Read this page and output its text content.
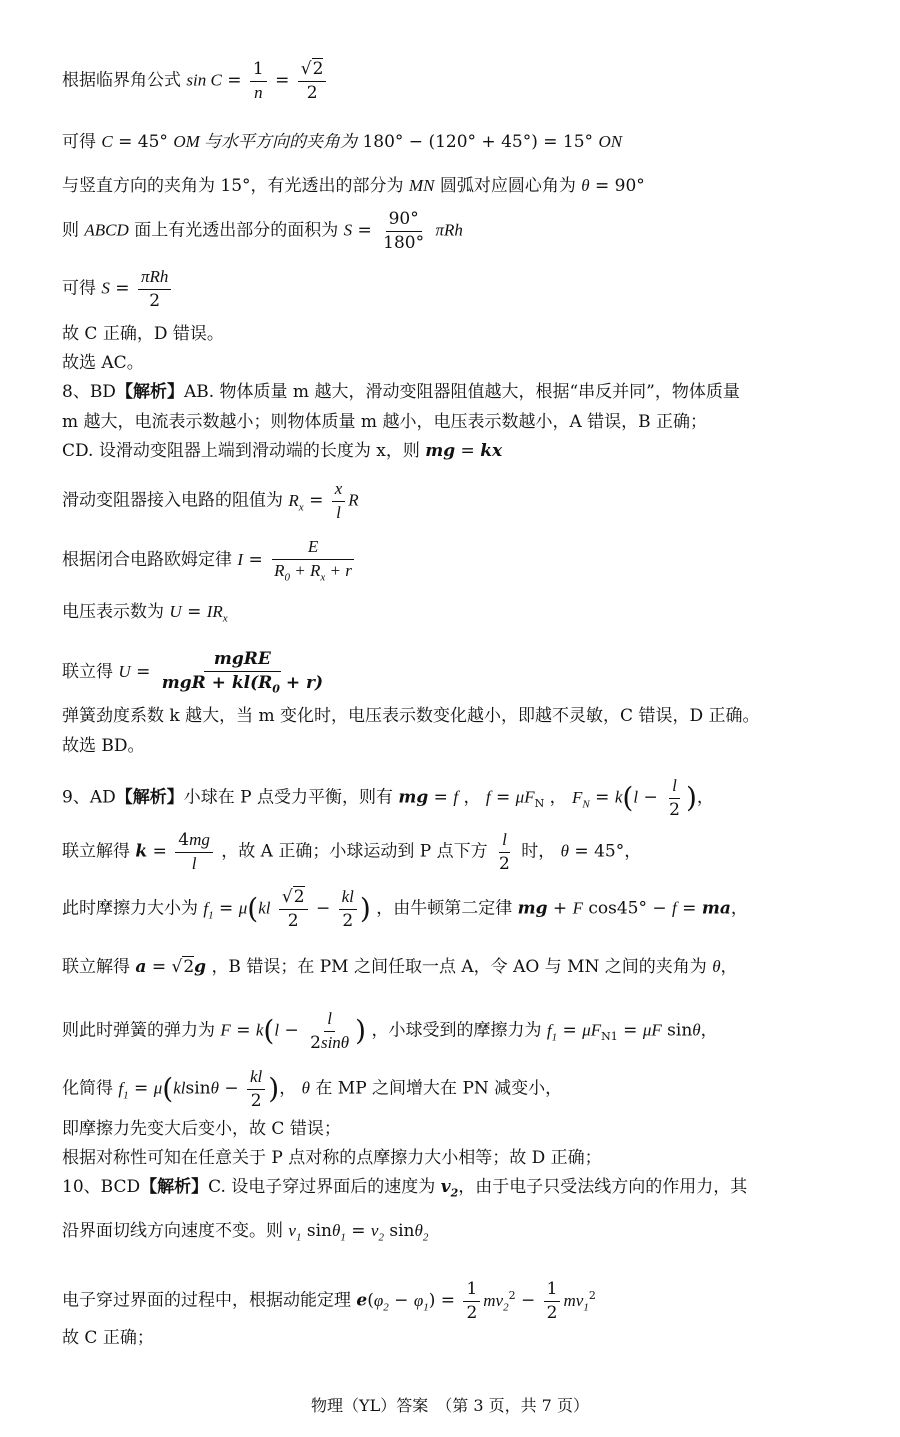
根据临界角公式 $\sin C = \frac{1}{n} = \frac{√2}{2}$
可得 C = 45° OM 与水平方向的夹角为 180° − (120° + 45°) = 15° ON
与竖直方向的夹角为 15°，有光透出的部分为 MN 圆弧对应圆心角为 θ = 90°
则 ABCD 面上有光透出部分的面积为 $S = \frac{90^\circ}{180^\circ}$ πRh
可得 $S = \frac{\text{πRh}}{2}$
故 C 正确，D 错误。
故选 AC。
8、BD【解析】AB. 物体质量 m 越大，滑动变阻器阻值越大，根据“串反并同”，物体质量
m 越大，电流表示数越小；则物体质量 m 越小，电压表示数越小，A 错误，B 正确；
CD. 设滑动变阻器上端到滑动端的长度为 x，则 mg = kx
滑动变阻器接入电路的阻值为 $R_x = \frac{x}{l}$ R
根据闭合电路欧姆定律 $I = \frac{E}{R_0 + R_x + r}$
电压表示数为 $U = IR_x$
联立得 $U = \frac{\text{mgRE}}{mgR + kl(R_0 + r)}$
弹簧劲度系数 k 越大，当 m 变化时，电压表示数变化越小，即越不灵敏，C 错误，D 正确。
故选 BD。
9、AD【解析】小球在 P 点受力平衡，则有 mg = f ， $f = \mu F_N$ ， $F_N = k(l - \frac{l}{2}$ )，
联立解得 $k = \frac{4mg}{l}$ ，故 A 正确；小球运动到 P 点下方 $\frac{l}{2}$ 时， θ = 45°，
此时摩擦力大小为 $f_1 = \mu(kl \frac{√2}{2} - \frac{kl}{2}$ ) ，由牛顿第二定律 mg + F cos45° − f = ma，
联立解得 a = √2g ，B 错误；在 PM 之间任取一点 A，令 AO 与 MN 之间的夹角为 θ，
则此时弹簧的弹力为 $F = k(l - \frac{l}{2\sin\theta}$ ) ，小球受到的摩擦力为 $f_1 = \mu F_{N1} = \mu F$ sinθ，
化简得 $f_1 = \mu(klsin\theta - \frac{kl}{2}$ )， θ 在 MP 之间增大在 PN 减变小，
即摩擦力先变大后变小，故 C 错误；
根据对称性可知在任意关于 P 点对称的点摩擦力大小相等；故 D 正确；
10、BCD【解析】C. 设电子穿过界面后的速度为 $v_2$，由于电子只受法线方向的作用力，其
沿界面切线方向速度不变。则 $v_1$ $\sin\theta_1 = v_2$ sinθ$_2$
电子穿过界面的过程中，根据动能定理 $e(\varphi_2 - \varphi_1) = \frac{1}{2} mv_2^2 - \frac{1}{2} mv_1^2$
故 C 正确；
物理（YL）答案　（第 3 页，共 7 页）
